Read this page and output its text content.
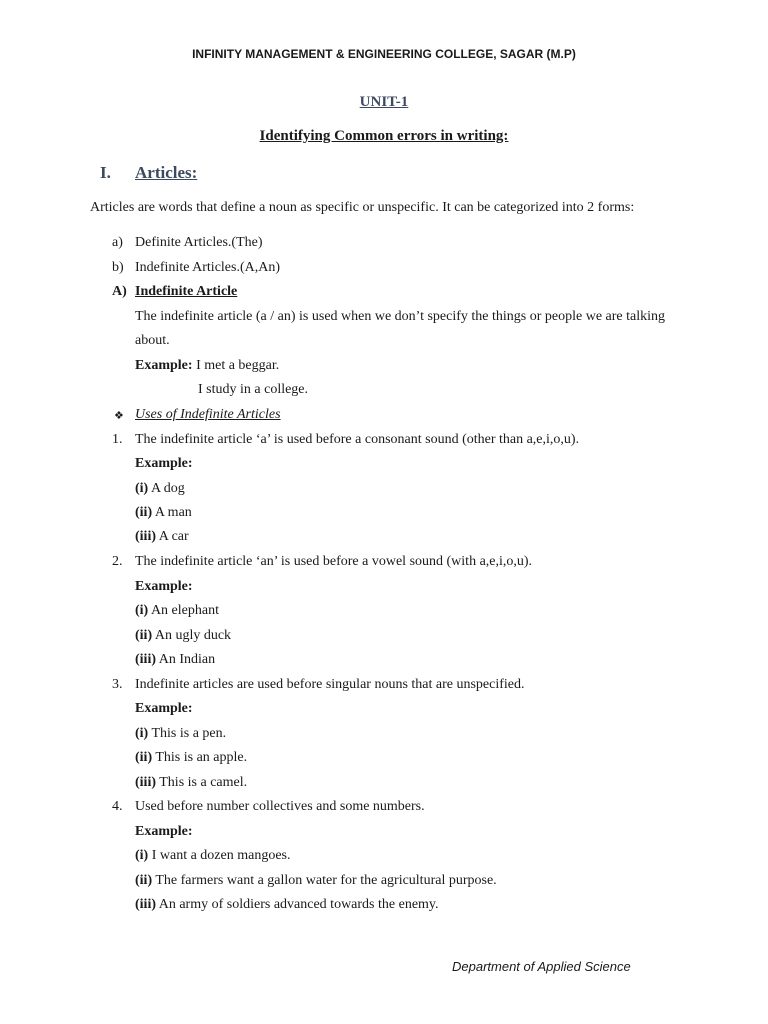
INFINITY MANAGEMENT & ENGINEERING COLLEGE, SAGAR (M.P)
UNIT-1
Identifying Common errors in writing:
I. Articles:
Articles are words that define a noun as specific or unspecific. It can be categorized into 2 forms:
a) Definite Articles.(The)
b) Indefinite Articles.(A,An)
A) Indefinite Article
The indefinite article (a / an) is used when we don’t specify the things or people we are talking
about.
Example: I met a beggar.
I study in a college.
❖ Uses of Indefinite Articles
1. The indefinite article ‘a’ is used before a consonant sound (other than a,e,i,o,u).
Example:
(i) A dog
(ii) A man
(iii) A car
2. The indefinite article ‘an’ is used before a vowel sound (with a,e,i,o,u).
Example:
(i) An elephant
(ii) An ugly duck
(iii) An Indian
3. Indefinite articles are used before singular nouns that are unspecified.
Example:
(i) This is a pen.
(ii) This is an apple.
(iii) This is a camel.
4. Used before number collectives and some numbers.
Example:
(i) I want a dozen mangoes.
(ii) The farmers want a gallon water for the agricultural purpose.
(iii) An army of soldiers advanced towards the enemy.
Department of Applied Science
